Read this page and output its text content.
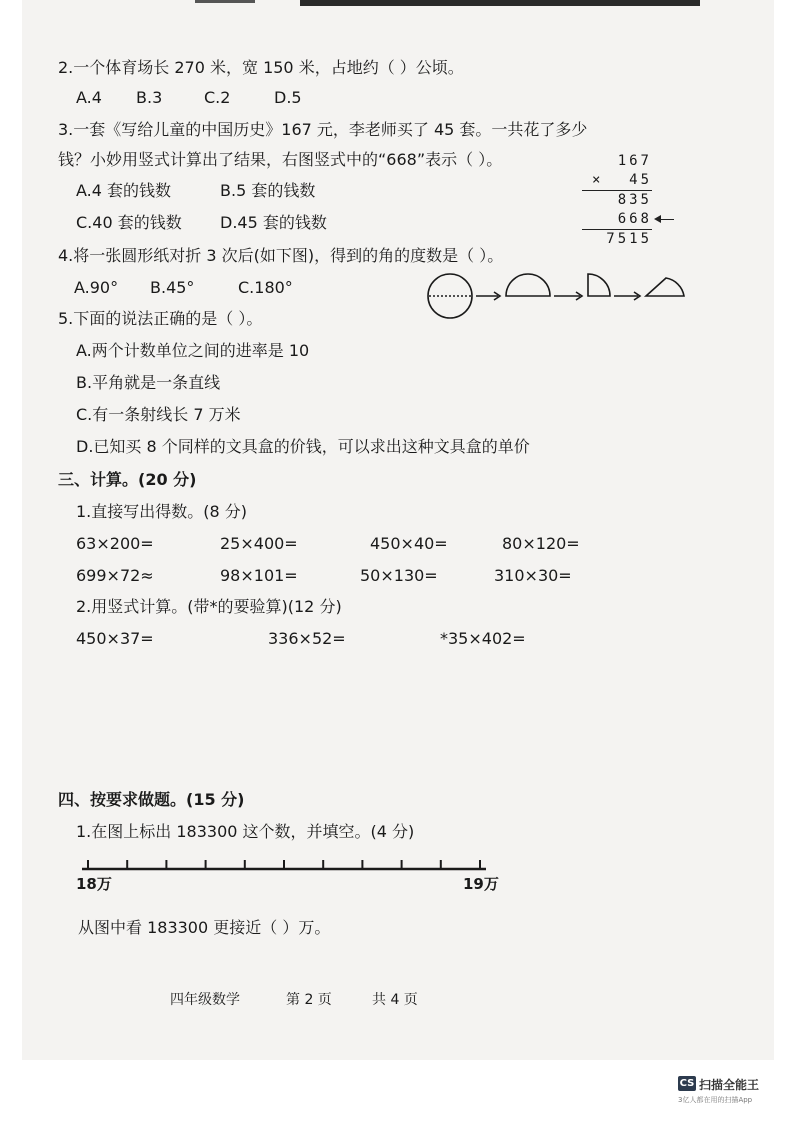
2.一个体育场长 270 米，宽 150 米，占地约（ ）公顷。
A.4 B.3	C.2	D.5
3.一套《写给儿童的中国历史》167 元，李老师买了 45 套。一共花了多少
钱？小妙用竖式计算出了结果，右图竖式中的“668”表示（ ）。
A.4 套的钱数	B.5 套的钱数
C.40 套的钱数 D.45 套的钱数
167
× 45
835
668
7515
4.将一张圆形纸对折 3 次后(如下图)，得到的角的度数是（ ）。
A.90° B.45°	C.180°
5.下面的说法正确的是（ ）。
A.两个计数单位之间的进率是 10
B.平角就是一条直线
C.有一条射线长 7 万米
D.已知买 8 个同样的文具盒的价钱，可以求出这种文具盒的单价
三、计算。(20 分)
1.直接写出得数。(8 分)
63×200=	25×400=	450×40=	80×120=
699×72≈	98×101=	50×130=	310×30=
2.用竖式计算。(带*的要验算)(12 分)
450×37=	336×52=	*35×402=
四、按要求做题。(15 分)
1.在图上标出 183300 这个数，并填空。(4 分)
18万	19万
从图中看 183300 更接近（ ）万。
四年级数学	第 2 页	共 4 页
CS 扫描全能王
3亿人都在用的扫描App
